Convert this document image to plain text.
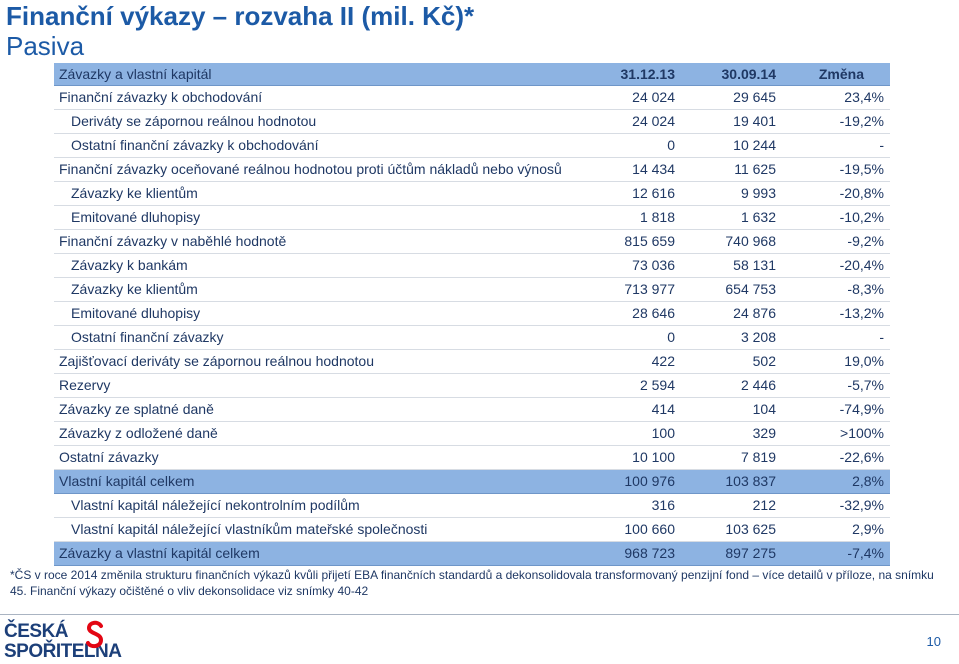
Finanční výkazy – rozvaha II (mil. Kč)*
Pasiva
Závazky a vlastní kapitál	31.12.13	30.09.14	Změna
Finanční závazky k obchodování	24 024	29 645	23,4%
Deriváty se zápornou reálnou hodnotou	24 024	19 401	-19,2%
Ostatní finanční závazky k obchodování	0	10 244	-
Finanční závazky oceňované reálnou hodnotou proti účtům nákladů nebo výnosů	14 434	11 625	-19,5%
Závazky ke klientům	12 616	9 993	-20,8%
Emitované dluhopisy	1 818	1 632	-10,2%
Finanční závazky v naběhlé hodnotě	815 659	740 968	-9,2%
Závazky k bankám	73 036	58 131	-20,4%
Závazky ke klientům	713 977	654 753	-8,3%
Emitované dluhopisy	28 646	24 876	-13,2%
Ostatní finanční závazky	0	3 208	-
Zajišťovací deriváty se zápornou reálnou hodnotou	422	502	19,0%
Rezervy	2 594	2 446	-5,7%
Závazky ze splatné daně	414	104	-74,9%
Závazky z odložené daně	100	329	>100%
Ostatní závazky	10 100	7 819	-22,6%
Vlastní kapitál celkem	100 976	103 837	2,8%
Vlastní kapitál náležející nekontrolním podílům	316	212	-32,9%
Vlastní kapitál náležející vlastníkům mateřské společnosti	100 660	103 625	2,9%
Závazky a vlastní kapitál celkem	968 723	897 275	-7,4%

*ČS v roce 2014 změnila strukturu finančních výkazů kvůli přijetí EBA finančních standardů a dekonsolidovala transformovaný penzijní fond – více detailů v příloze, na snímku 45. Finanční výkazy očištěné o vliv dekonsolidace viz snímky 40-42

ČESKÁ
SPOŘITELNA	10
